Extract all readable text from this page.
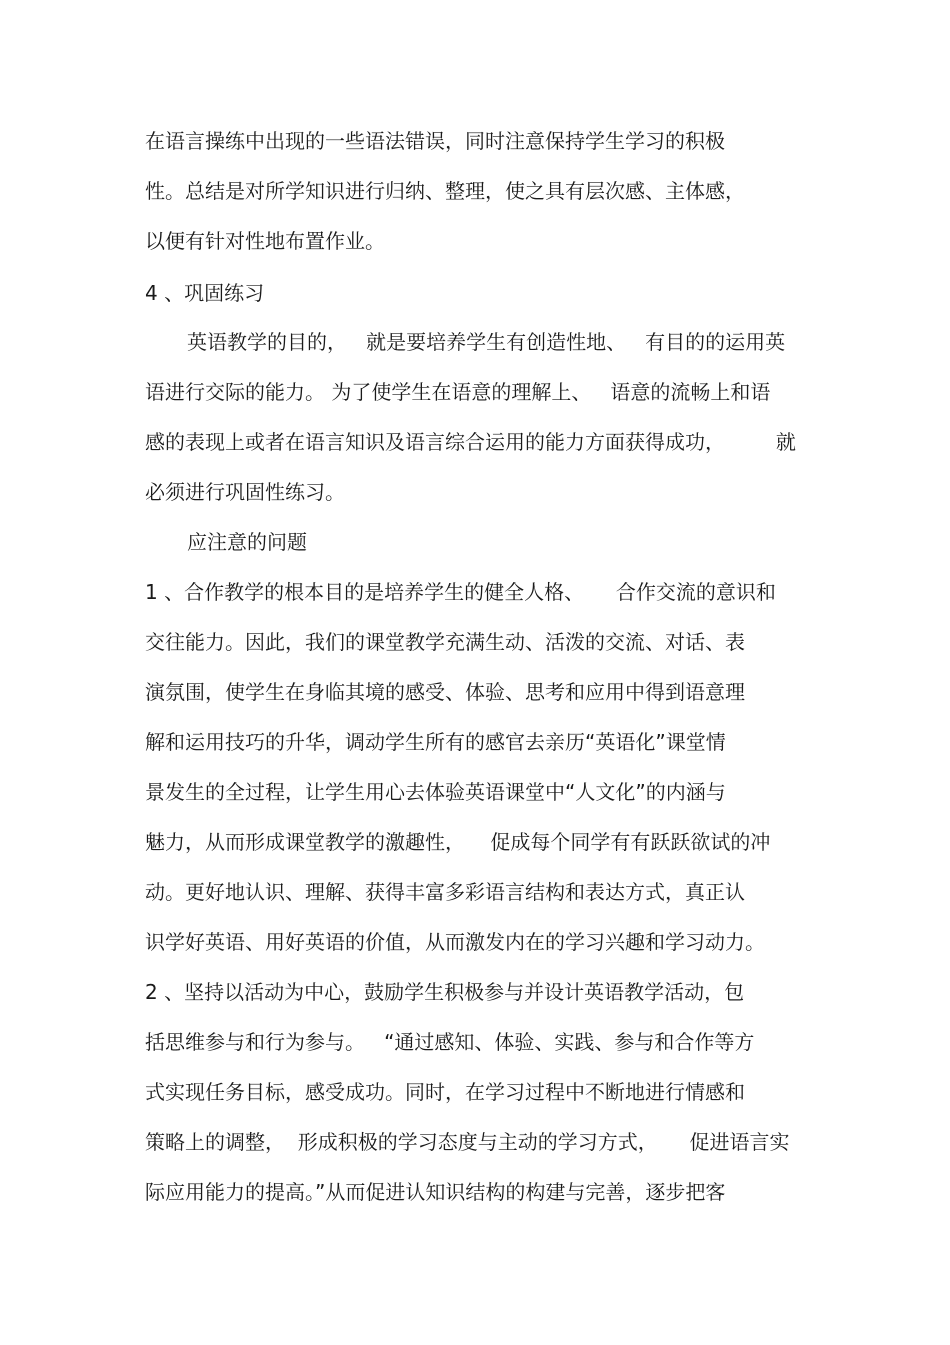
在语言操练中出现的一些语法错误，同时注意保持学生学习的积极
性。总结是对所学知识进行归纳、整理，使之具有层次感、主体感，
以便有针对性地布置作业。
4 、巩固练习
英语教学的目的，   就是要培养学生有创造性地、   有目的的运用英
语进行交际的能力。 为了使学生在语意的理解上、   语意的流畅上和语
感的表现上或者在语言知识及语言综合运用的能力方面获得成功，        就
必须进行巩固性练习。
应注意的问题
1 、合作教学的根本目的是培养学生的健全人格、     合作交流的意识和
交往能力。因此，我们的课堂教学充满生动、活泼的交流、对话、表
演氛围，使学生在身临其境的感受、体验、思考和应用中得到语意理
解和运用技巧的升华，调动学生所有的感官去亲历“英语化”课堂情
景发生的全过程，让学生用心去体验英语课堂中“人文化”的内涵与
魅力，从而形成课堂教学的激趣性，    促成每个同学有有跃跃欲试的冲
动。更好地认识、理解、获得丰富多彩语言结构和表达方式，真正认
识学好英语、用好英语的价值，从而激发内在的学习兴趣和学习动力。
2 、坚持以活动为中心，鼓励学生积极参与并设计英语教学活动，包
括思维参与和行为参与。   “通过感知、体验、实践、参与和合作等方
式实现任务目标，感受成功。同时，在学习过程中不断地进行情感和
策略上的调整，  形成积极的学习态度与主动的学习方式，     促进语言实
际应用能力的提高。”从而促进认知识结构的构建与完善，逐步把客
